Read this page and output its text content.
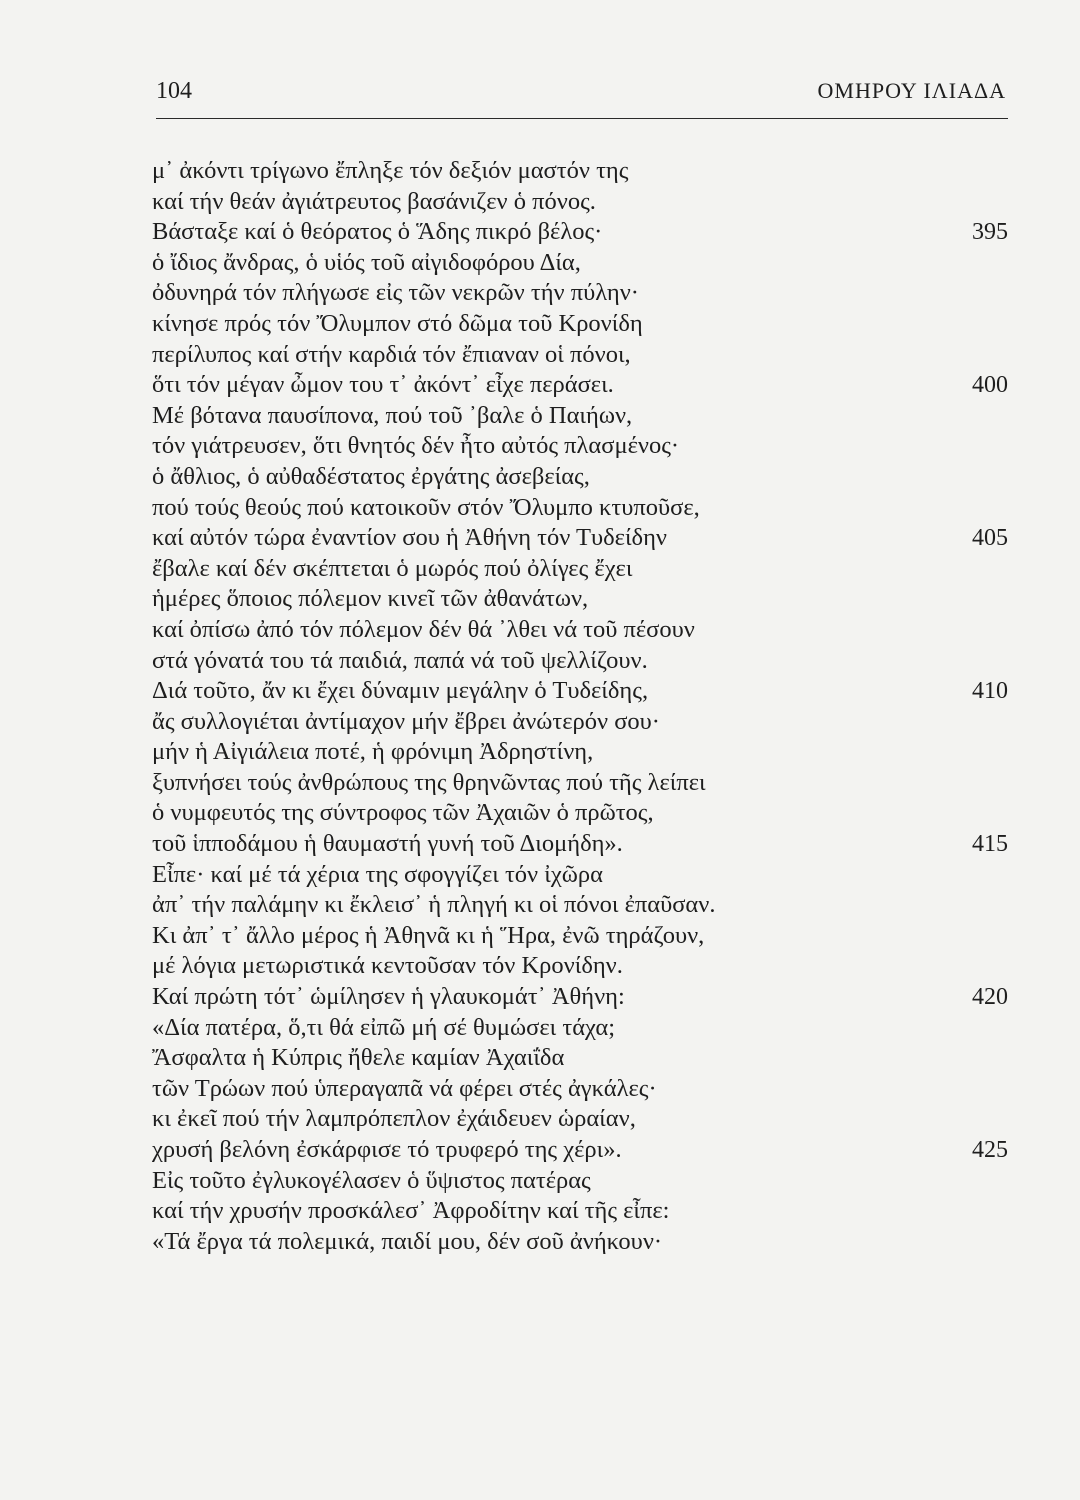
104	ΟΜΗΡΟΥ ΙΛΙΑΔΑ
μ᾿ ἀκόντι τρίγωνο ἔπληξε τόν δεξιόν μαστόν της
καί τήν θεάν ἀγιάτρευτος βασάνιζεν ὁ πόνος.
Βάσταξε καί ὁ θεόρατος ὁ Ἅδης πικρό βέλος·	395
ὁ ἴδιος ἄνδρας, ὁ υἱός τοῦ αἰγιδοφόρου Δία,
ὀδυνηρά τόν πλήγωσε εἰς τῶν νεκρῶν τήν πύλην·
κίνησε πρός τόν Ὄλυμπον στό δῶμα τοῦ Κρονίδη
περίλυπος καί στήν καρδιά τόν ἔπιαναν οἱ πόνοι,
ὅτι τόν μέγαν ὦμον του τ᾿ ἀκόντ᾿ εἶχε περάσει.	400
Μέ βότανα παυσίπονα, πού τοῦ ᾿βαλε ὁ Παιήων,
τόν γιάτρευσεν, ὅτι θνητός δέν ἦτο αὐτός πλασμένος·
ὁ ἄθλιος, ὁ αὐθαδέστατος ἐργάτης ἀσεβείας,
πού τούς θεούς πού κατοικοῦν στόν Ὄλυμπο κτυποῦσε,
καί αὐτόν τώρα ἐναντίον σου ἡ Ἀθήνη τόν Τυδείδην	405
ἔβαλε καί δέν σκέπτεται ὁ μωρός πού ὀλίγες ἔχει
ἡμέρες ὅποιος πόλεμον κινεῖ τῶν ἀθανάτων,
καί ὀπίσω ἀπό τόν πόλεμον δέν θά ᾿λθει νά τοῦ πέσουν
στά γόνατά του τά παιδιά, παπά νά τοῦ ψελλίζουν.
Διά τοῦτο, ἄν κι ἔχει δύναμιν μεγάλην ὁ Τυδείδης,	410
ἄς συλλογιέται ἀντίμαχον μήν ἔβρει ἀνώτερόν σου·
μήν ἡ Αἰγιάλεια ποτέ, ἡ φρόνιμη Ἀδρηστίνη,
ξυπνήσει τούς ἀνθρώπους της θρηνῶντας πού τῆς λείπει
ὁ νυμφευτός της σύντροφος τῶν Ἀχαιῶν ὁ πρῶτος,
τοῦ ἱπποδάμου ἡ θαυμαστή γυνή τοῦ Διομήδη».	415
Εἶπε· καί μέ τά χέρια της σφογγίζει τόν ἰχῶρα
ἀπ᾿ τήν παλάμην κι ἔκλεισ᾿ ἡ πληγή κι οἱ πόνοι ἐπαῦσαν.
Κι ἀπ᾿ τ᾿ ἄλλο μέρος ἡ Ἀθηνᾶ κι ἡ Ἥρα, ἐνῶ τηράζουν,
μέ λόγια μετωριστικά κεντοῦσαν τόν Κρονίδην.
Καί πρώτη τότ᾿ ὡμίλησεν ἡ γλαυκομάτ᾿ Ἀθήνη:	420
«Δία πατέρα, ὅ,τι θά εἰπῶ μή σέ θυμώσει τάχα;
Ἄσφαλτα ἡ Κύπρις ἤθελε καμίαν Ἀχαιΐδα
τῶν Τρώων πού ὑπεραγαπᾶ νά φέρει στές ἀγκάλες·
κι ἐκεῖ πού τήν λαμπρόπεπλον ἐχάιδευεν ὡραίαν,
χρυσή βελόνη ἐσκάρφισε τό τρυφερό της χέρι».	425
Εἰς τοῦτο ἐγλυκογέλασεν ὁ ὕψιστος πατέρας
καί τήν χρυσήν προσκάλεσ᾿ Ἀφροδίτην καί τῆς εἶπε:
«Τά ἔργα τά πολεμικά, παιδί μου, δέν σοῦ ἀνήκουν·
